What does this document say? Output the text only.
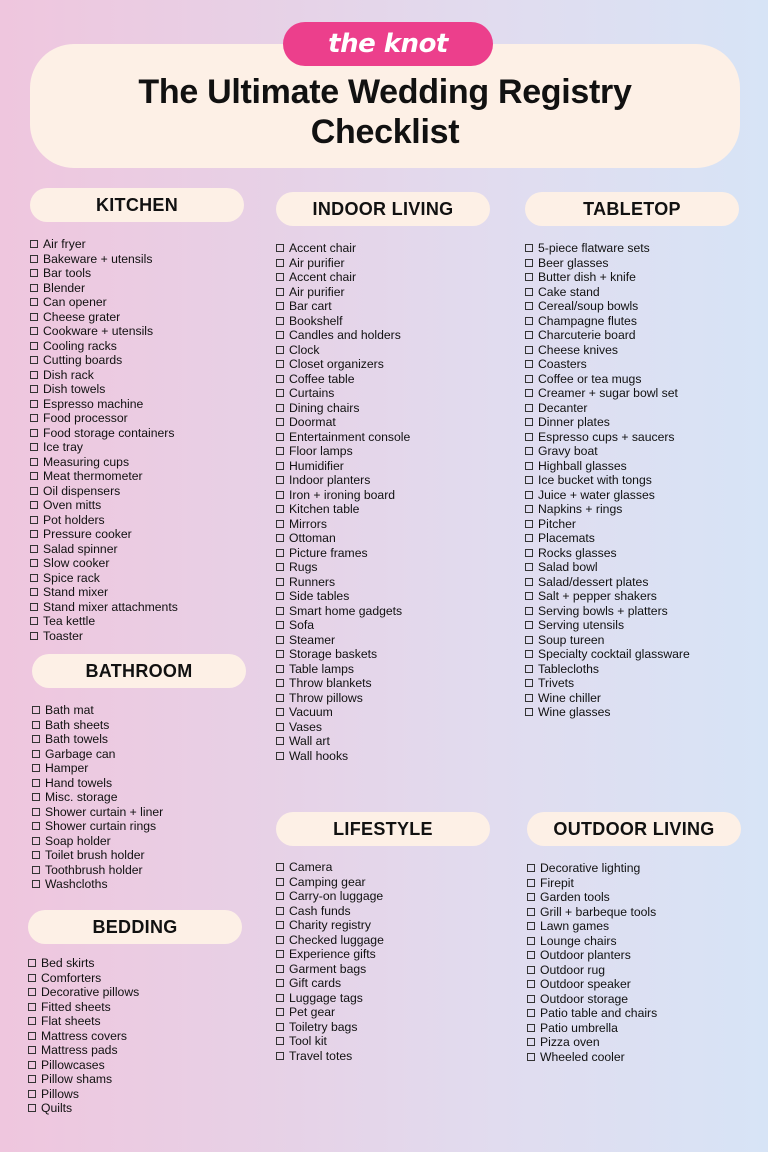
the knot
The Ultimate Wedding Registry Checklist
KITCHEN
Air fryer
Bakeware + utensils
Bar tools
Blender
Can opener
Cheese grater
Cookware + utensils
Cooling racks
Cutting boards
Dish rack
Dish towels
Espresso machine
Food processor
Food storage containers
Ice tray
Measuring cups
Meat thermometer
Oil dispensers
Oven mitts
Pot holders
Pressure cooker
Salad spinner
Slow cooker
Spice rack
Stand mixer
Stand mixer attachments
Tea kettle
Toaster
BATHROOM
Bath mat
Bath sheets
Bath towels
Garbage can
Hamper
Hand towels
Misc. storage
Shower curtain + liner
Shower curtain rings
Soap holder
Toilet brush holder
Toothbrush holder
Washcloths
BEDDING
Bed skirts
Comforters
Decorative pillows
Fitted sheets
Flat sheets
Mattress covers
Mattress pads
Pillowcases
Pillow shams
Pillows
Quilts
INDOOR LIVING
Accent chair
Air purifier
Accent chair
Air purifier
Bar cart
Bookshelf
Candles and holders
Clock
Closet organizers
Coffee table
Curtains
Dining chairs
Doormat
Entertainment console
Floor lamps
Humidifier
Indoor planters
Iron + ironing board
Kitchen table
Mirrors
Ottoman
Picture frames
Rugs
Runners
Side tables
Smart home gadgets
Sofa
Steamer
Storage baskets
Table lamps
Throw blankets
Throw pillows
Vacuum
Vases
Wall art
Wall hooks
LIFESTYLE
Camera
Camping gear
Carry-on luggage
Cash funds
Charity registry
Checked luggage
Experience gifts
Garment bags
Gift cards
Luggage tags
Pet gear
Toiletry bags
Tool kit
Travel totes
TABLETOP
5-piece flatware sets
Beer glasses
Butter dish + knife
Cake stand
Cereal/soup bowls
Champagne flutes
Charcuterie board
Cheese knives
Coasters
Coffee or tea mugs
Creamer + sugar bowl set
Decanter
Dinner plates
Espresso cups + saucers
Gravy boat
Highball glasses
Ice bucket with tongs
Juice + water glasses
Napkins + rings
Pitcher
Placemats
Rocks glasses
Salad bowl
Salad/dessert plates
Salt + pepper shakers
Serving bowls + platters
Serving utensils
Soup tureen
Specialty cocktail glassware
Tablecloths
Trivets
Wine chiller
Wine glasses
OUTDOOR LIVING
Decorative lighting
Firepit
Garden tools
Grill + barbeque tools
Lawn games
Lounge chairs
Outdoor planters
Outdoor rug
Outdoor speaker
Outdoor storage
Patio table and chairs
Patio umbrella
Pizza oven
Wheeled cooler
